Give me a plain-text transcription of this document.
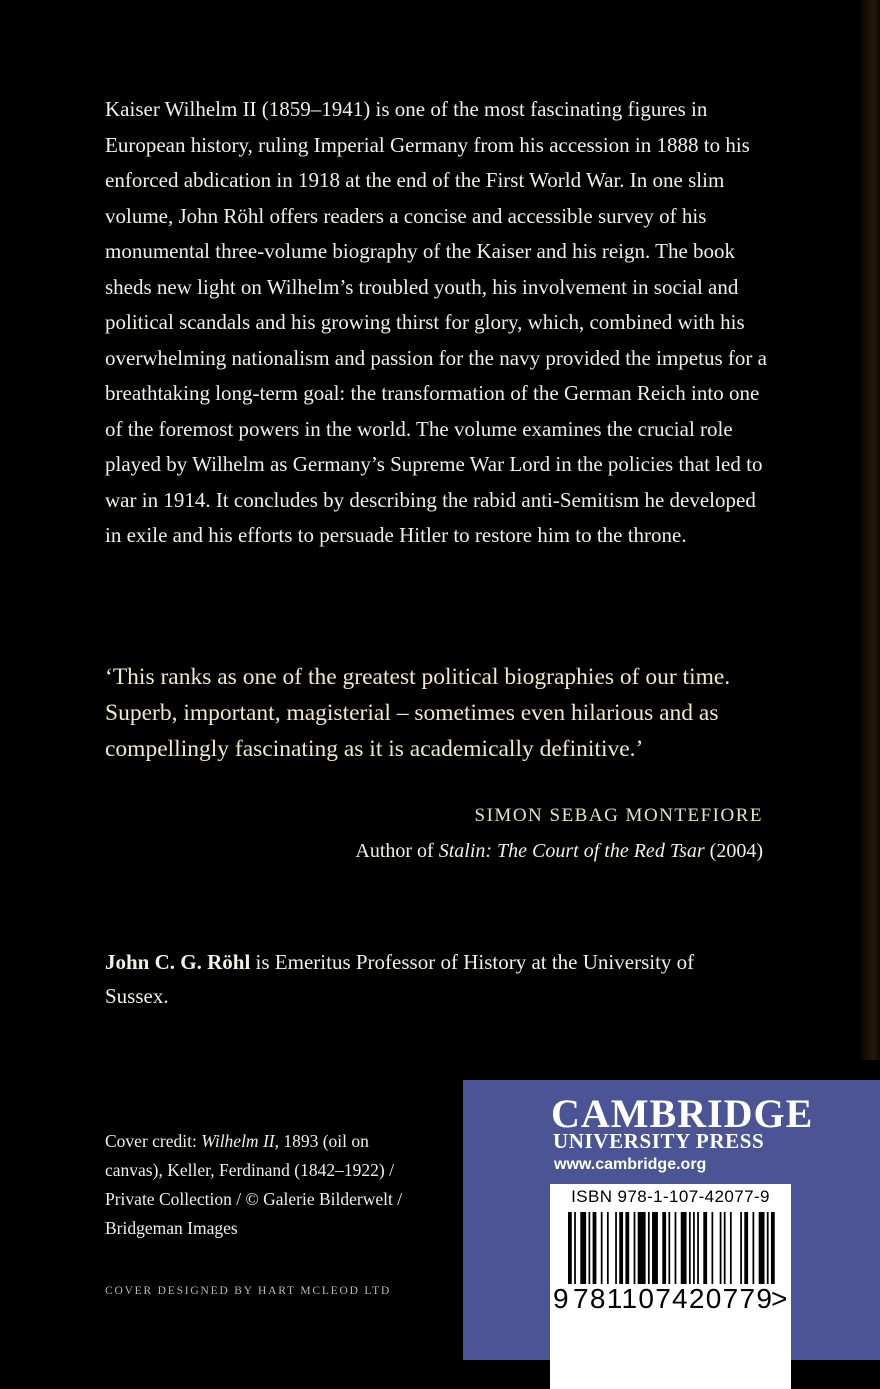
Kaiser Wilhelm II (1859–1941) is one of the most fascinating figures in European history, ruling Imperial Germany from his accession in 1888 to his enforced abdication in 1918 at the end of the First World War. In one slim volume, John Röhl offers readers a concise and accessible survey of his monumental three-volume biography of the Kaiser and his reign. The book sheds new light on Wilhelm’s troubled youth, his involvement in social and political scandals and his growing thirst for glory, which, combined with his overwhelming nationalism and passion for the navy provided the impetus for a breathtaking long-term goal: the transformation of the German Reich into one of the foremost powers in the world. The volume examines the crucial role played by Wilhelm as Germany’s Supreme War Lord in the policies that led to war in 1914. It concludes by describing the rabid anti-Semitism he developed in exile and his efforts to persuade Hitler to restore him to the throne.

‘This ranks as one of the greatest political biographies of our time. Superb, important, magisterial – sometimes even hilarious and as compellingly fascinating as it is academically definitive.’

SIMON SEBAG MONTEFIORE
Author of Stalin: The Court of the Red Tsar (2004)

John C. G. Röhl is Emeritus Professor of History at the University of Sussex.

Cover credit: Wilhelm II, 1893 (oil on canvas), Keller, Ferdinand (1842–1922) / Private Collection / © Galerie Bilderwelt / Bridgeman Images

COVER DESIGNED BY HART MCLEOD LTD
CAMBRIDGE
UNIVERSITY PRESS
www.cambridge.org
ISBN 978-1-107-42077-9
9 781107 420779
>
